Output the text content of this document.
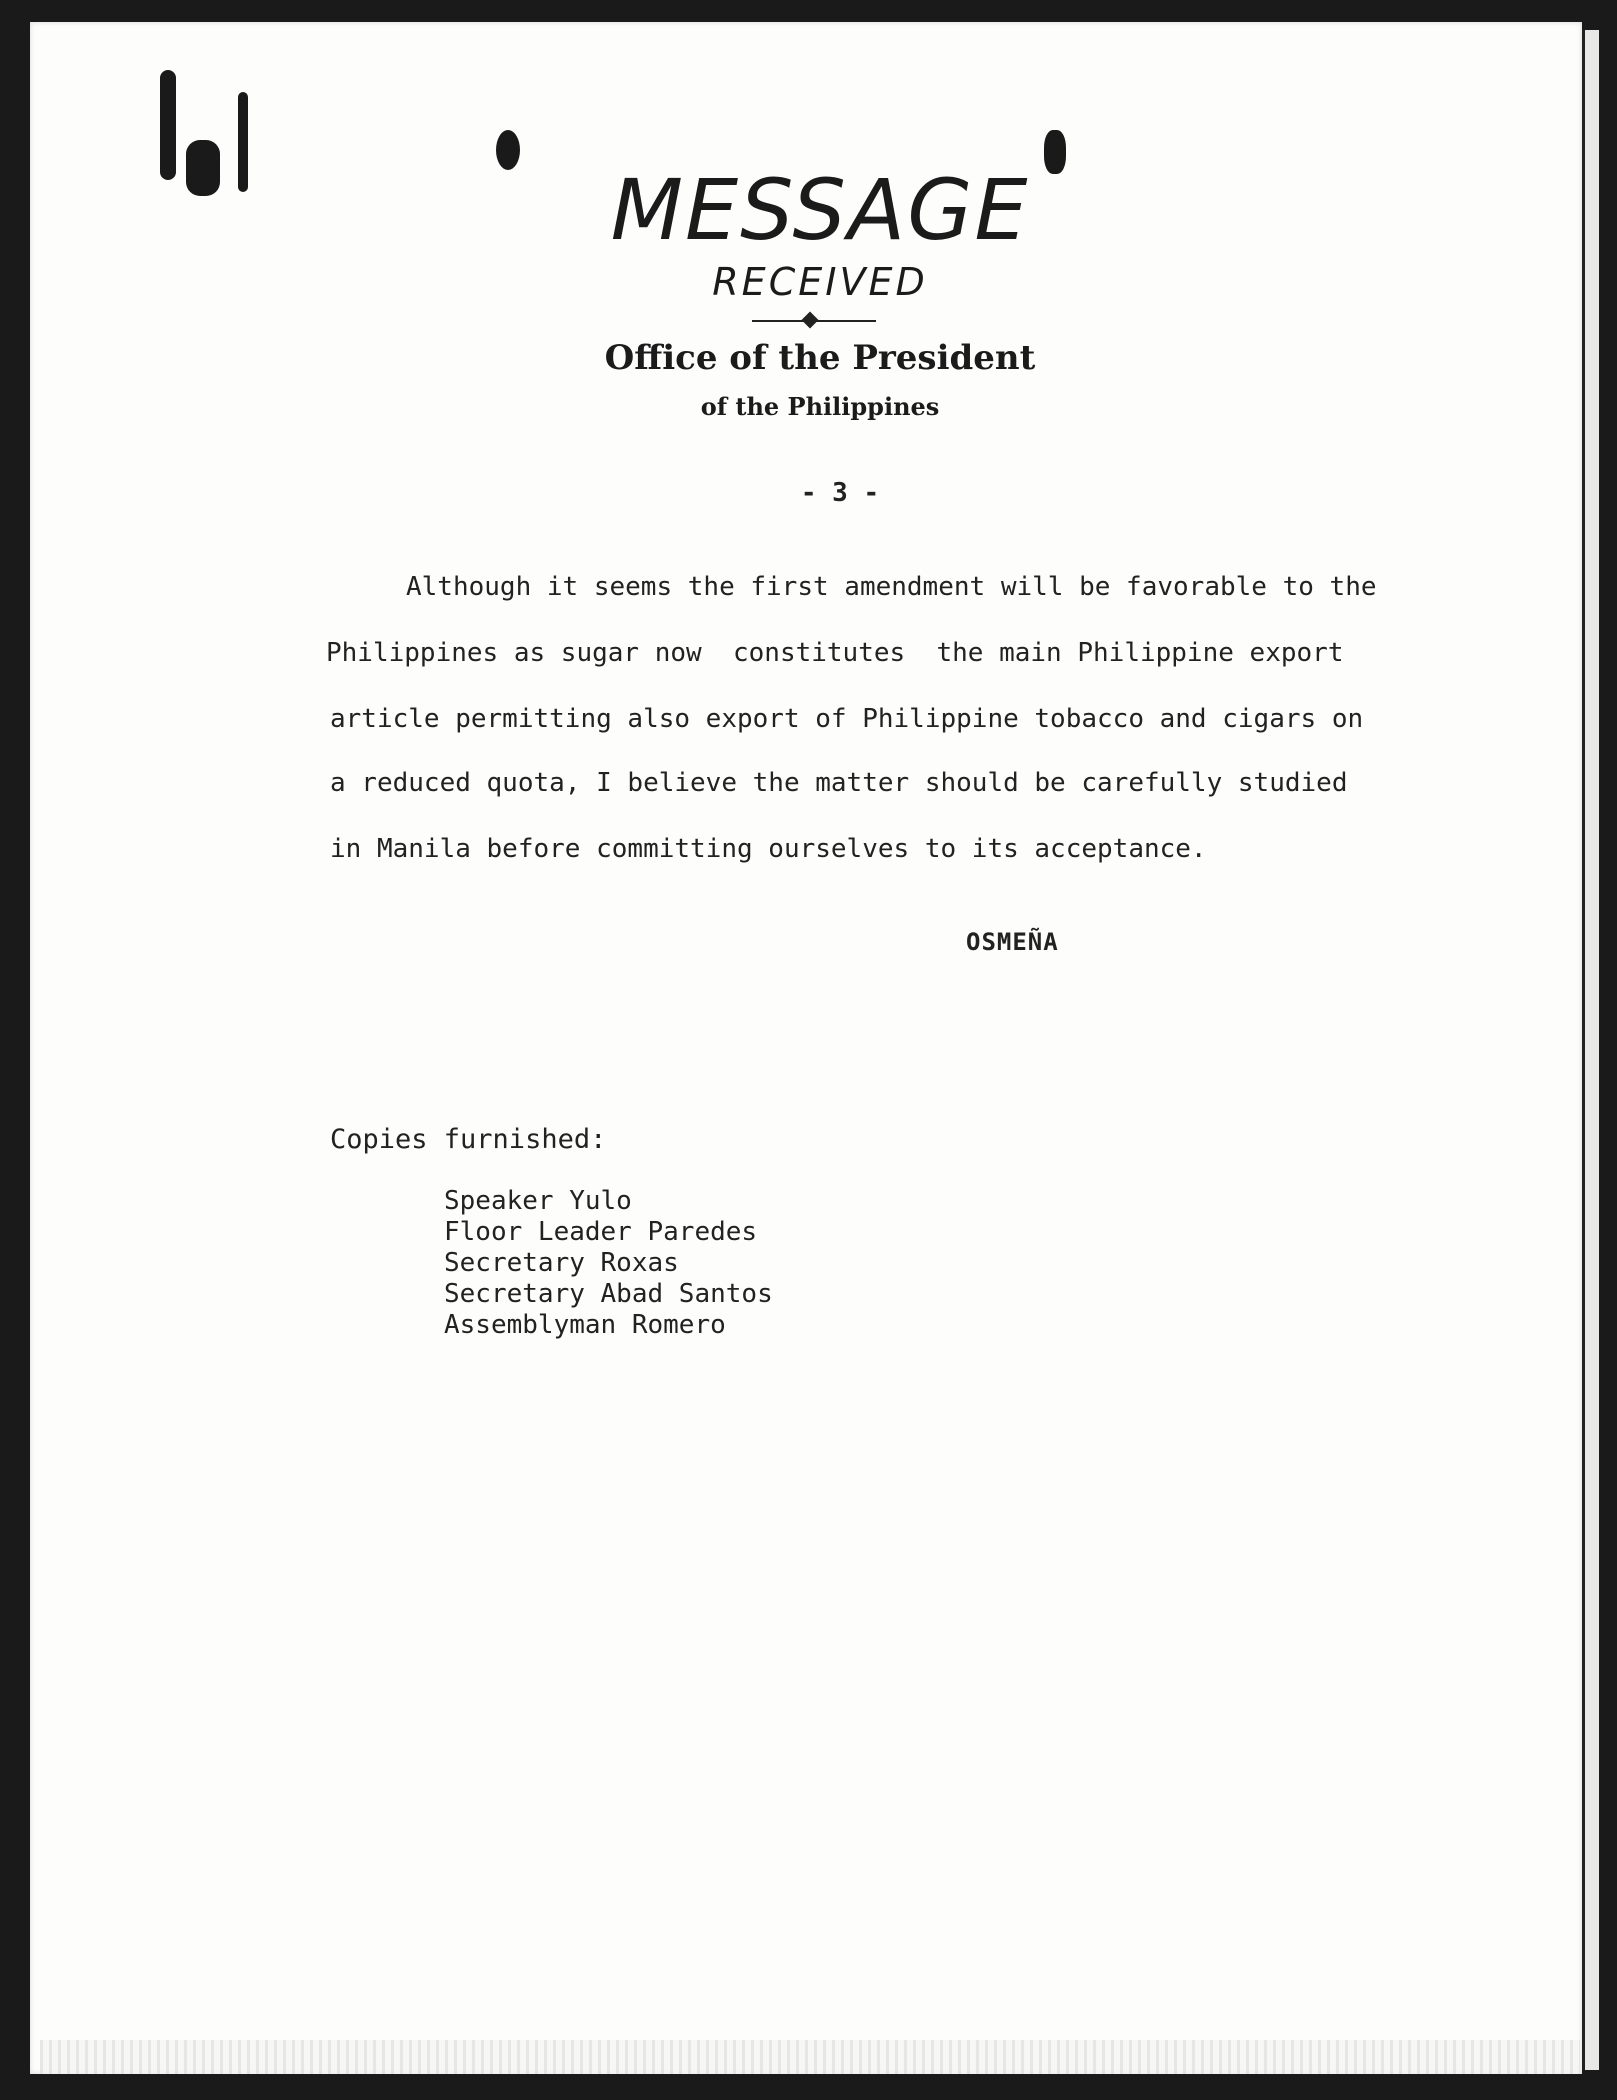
MESSAGE
RECEIVED
Office of the President
of the Philippines
- 3 -
Although it seems the first amendment will be favorable to the
Philippines as sugar now  constitutes  the main Philippine export
article permitting also export of Philippine tobacco and cigars on
a reduced quota, I believe the matter should be carefully studied
in Manila before committing ourselves to its acceptance.
OSMEÑA
Copies furnished:
Speaker Yulo
Floor Leader Paredes
Secretary Roxas
Secretary Abad Santos
Assemblyman Romero
